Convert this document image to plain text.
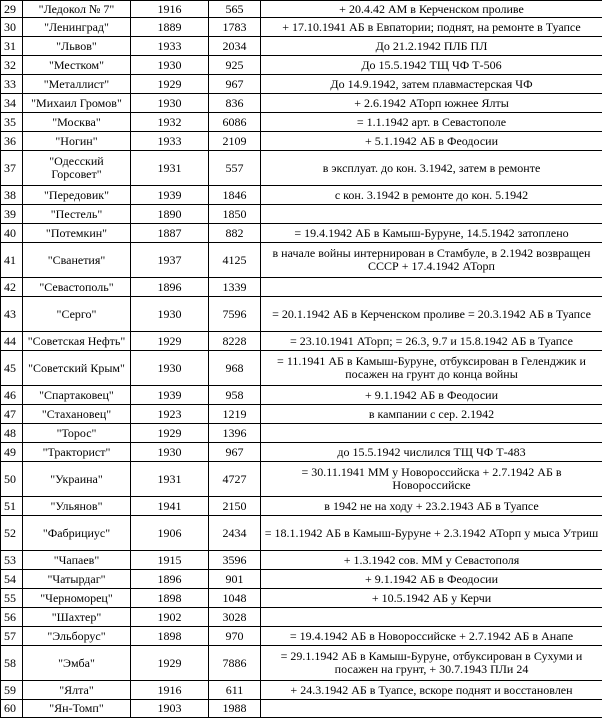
29	"Ледокол № 7"	1916	565	+ 20.4.42 АМ в Керченском проливе
30	"Ленинград"	1889	1783	+ 17.10.1941 АБ в Евпатории; поднят, на ремонте в Туапсе
31	"Львов"	1933	2034	До 21.2.1942 ПЛБ ПЛ
32	"Местком"	1930	925	До 15.5.1942 ТЩ ЧФ Т-506
33	"Металлист"	1929	967	До 14.9.1942, затем плавмастерская ЧФ
34	"Михаил Громов"	1930	836	+ 2.6.1942 АТорп южнее Ялты
35	"Москва"	1932	6086	= 1.1.1942 арт. в Севастополе
36	"Ногин"	1933	2109	+ 5.1.1942 АБ в Феодосии
37	"Одесский Горсовет"	1931	557	в эксплуат. до кон. 3.1942, затем в ремонте
38	"Передовик"	1939	1846	с кон. 3.1942 в ремонте до кон. 5.1942
39	"Пестель"	1890	1850	
40	"Потемкин"	1887	882	= 19.4.1942 АБ в Камыш-Буруне, 14.5.1942 затоплено
41	"Сванетия"	1937	4125	в начале войны интернирован в Стамбуле, в 2.1942 возвращен СССР + 17.4.1942 АТорп
42	"Севастополь"	1896	1339	
43	"Серго"	1930	7596	= 20.1.1942 АБ в Керченском проливе = 20.3.1942 АБ в Туапсе
44	"Советская Нефть"	1929	8228	= 23.10.1941 АТорп; = 26.3, 9.7 и 15.8.1942 АБ в Туапсе
45	"Советский Крым"	1930	968	= 11.1941 АБ в Камыш-Буруне, отбуксирован в Геленджик и посажен на грунт до конца войны
46	"Спартаковец"	1939	958	+ 9.1.1942 АБ в Феодосии
47	"Стахановец"	1923	1219	в кампании с сер. 2.1942
48	"Торос"	1929	1396	
49	"Тракторист"	1930	967	до 15.5.1942 числился ТЩ ЧФ Т-483
50	"Украина"	1931	4727	= 30.11.1941 ММ у Новороссийска + 2.7.1942 АБ в Новороссийске
51	"Ульянов"	1941	2150	в 1942 не на ходу + 23.2.1943 АБ в Туапсе
52	"Фабрициус"	1906	2434	= 18.1.1942 АБ в Камыш-Буруне + 2.3.1942 АТорп у мыса Утриш
53	"Чапаев"	1915	3596	+ 1.3.1942 сов. ММ у Севастополя
54	"Чатырдаг"	1896	901	+ 9.1.1942 АБ в Феодосии
55	"Черноморец"	1898	1048	+ 10.5.1942 АБ у Керчи
56	"Шахтер"	1902	3028	
57	"Эльборус"	1898	970	= 19.4.1942 АБ в Новороссийске + 2.7.1942 АБ в Анапе
58	"Эмба"	1929	7886	= 29.1.1942 АБ в Камыш-Буруне, отбуксирован в Сухуми и посажен на грунт, + 30.7.1943 ПЛи 24
59	"Ялта"	1916	611	+ 24.3.1942 АБ в Туапсе, вскоре поднят и восстановлен
60	"Ян-Томп"	1903	1988	
